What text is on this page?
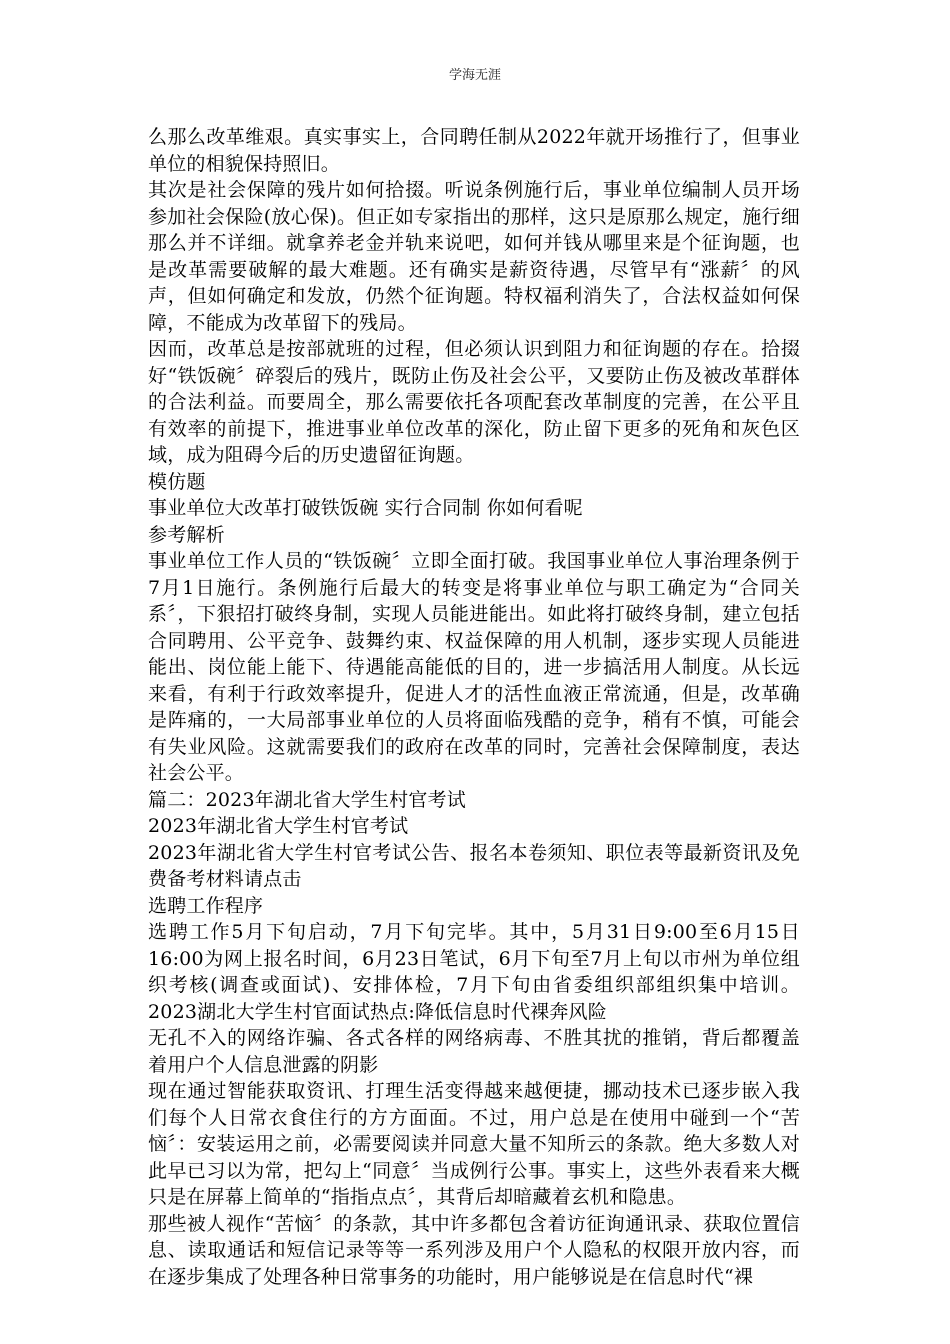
学海无涯

么那么改革维艰。真实事实上，合同聘任制从2022年就开场推行了，但事业单位的相貌保持照旧。

其次是社会保障的残片如何拾掇。听说条例施行后，事业单位编制人员开场参加社会保险(放心保)。但正如专家指出的那样，这只是原那么规定，施行细那么并不详细。就拿养老金并轨来说吧，如何并钱从哪里来是个征询题，也是改革需要破解的最大难题。还有确实是薪资待遇，尽管早有“涨薪〞的风声，但如何确定和发放，仍然个征询题。特权福利消失了，合法权益如何保障，不能成为改革留下的残局。

因而，改革总是按部就班的过程，但必须认识到阻力和征询题的存在。拾掇好“铁饭碗〞碎裂后的残片，既防止伤及社会公平，又要防止伤及被改革群体的合法利益。而要周全，那么需要依托各项配套改革制度的完善，在公平且有效率的前提下，推进事业单位改革的深化，防止留下更多的死角和灰色区域，成为阻碍今后的历史遗留征询题。

模仿题

事业单位大改革打破铁饭碗 实行合同制 你如何看呢

参考解析

事业单位工作人员的“铁饭碗〞立即全面打破。我国事业单位人事治理条例于7月1日施行。条例施行后最大的转变是将事业单位与职工确定为“合同关系〞，下狠招打破终身制，实现人员能进能出。如此将打破终身制，建立包括合同聘用、公平竞争、鼓舞约束、权益保障的用人机制，逐步实现人员能进能出、岗位能上能下、待遇能高能低的目的，进一步搞活用人制度。从长远来看，有利于行政效率提升，促进人才的活性血液正常流通，但是，改革确是阵痛的，一大局部事业单位的人员将面临残酷的竞争，稍有不慎，可能会有失业风险。这就需要我们的政府在改革的同时，完善社会保障制度，表达社会公平。

篇二：2023年湖北省大学生村官考试

2023年湖北省大学生村官考试

2023年湖北省大学生村官考试公告、报名本卷须知、职位表等最新资讯及免费备考材料请点击

选聘工作程序

选聘工作5月下旬启动，7月下旬完毕。其中，5月31日9:00至6月15日16:00为网上报名时间，6月23日笔试，6月下旬至7月上旬以市州为单位组织考核(调查或面试)、安排体检，7月下旬由省委组织部组织集中培训。 2023湖北大学生村官面试热点:降低信息时代裸奔风险

无孔不入的网络诈骗、各式各样的网络病毒、不胜其扰的推销，背后都覆盖着用户个人信息泄露的阴影

现在通过智能获取资讯、打理生活变得越来越便捷，挪动技术已逐步嵌入我们每个人日常衣食住行的方方面面。不过，用户总是在使用中碰到一个“苦恼〞：安装运用之前，必需要阅读并同意大量不知所云的条款。绝大多数人对此早已习以为常，把勾上“同意〞当成例行公事。事实上，这些外表看来大概只是在屏幕上简单的“指指点点〞，其背后却暗藏着玄机和隐患。

那些被人视作“苦恼〞的条款，其中许多都包含着访征询通讯录、获取位置信息、读取通话和短信记录等等一系列涉及用户个人隐私的权限开放内容，而在逐步集成了处理各种日常事务的功能时，用户能够说是在信息时代“裸
